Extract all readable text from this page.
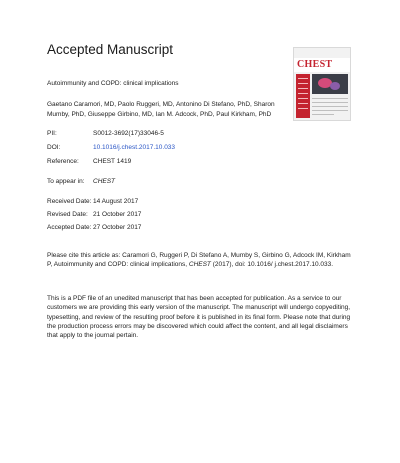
Accepted Manuscript
CHEST
Autoimmunity and COPD: clinical implications
Gaetano Caramori, MD, Paolo Ruggeri, MD, Antonino Di Stefano, PhD, Sharon Mumby, PhD, Giuseppe Girbino, MD, Ian M. Adcock, PhD, Paul Kirkham, PhD
PII:	S0012-3692(17)33046-5
DOI:	10.1016/j.chest.2017.10.033
Reference: CHEST 1419
To appear in: CHEST
Received Date: 14 August 2017
Revised Date: 21 October 2017
Accepted Date: 27 October 2017

Please cite this article as: Caramori G, Ruggeri P, Di Stefano A, Mumby S, Girbino G, Adcock IM, Kirkham P, Autoimmunity and COPD: clinical implications, CHEST (2017), doi: 10.1016/ j.chest.2017.10.033.

This is a PDF file of an unedited manuscript that has been accepted for publication. As a service to our customers we are providing this early version of the manuscript. The manuscript will undergo copyediting, typesetting, and review of the resulting proof before it is published in its final form. Please note that during the production process errors may be discovered which could affect the content, and all legal disclaimers that apply to the journal pertain.
